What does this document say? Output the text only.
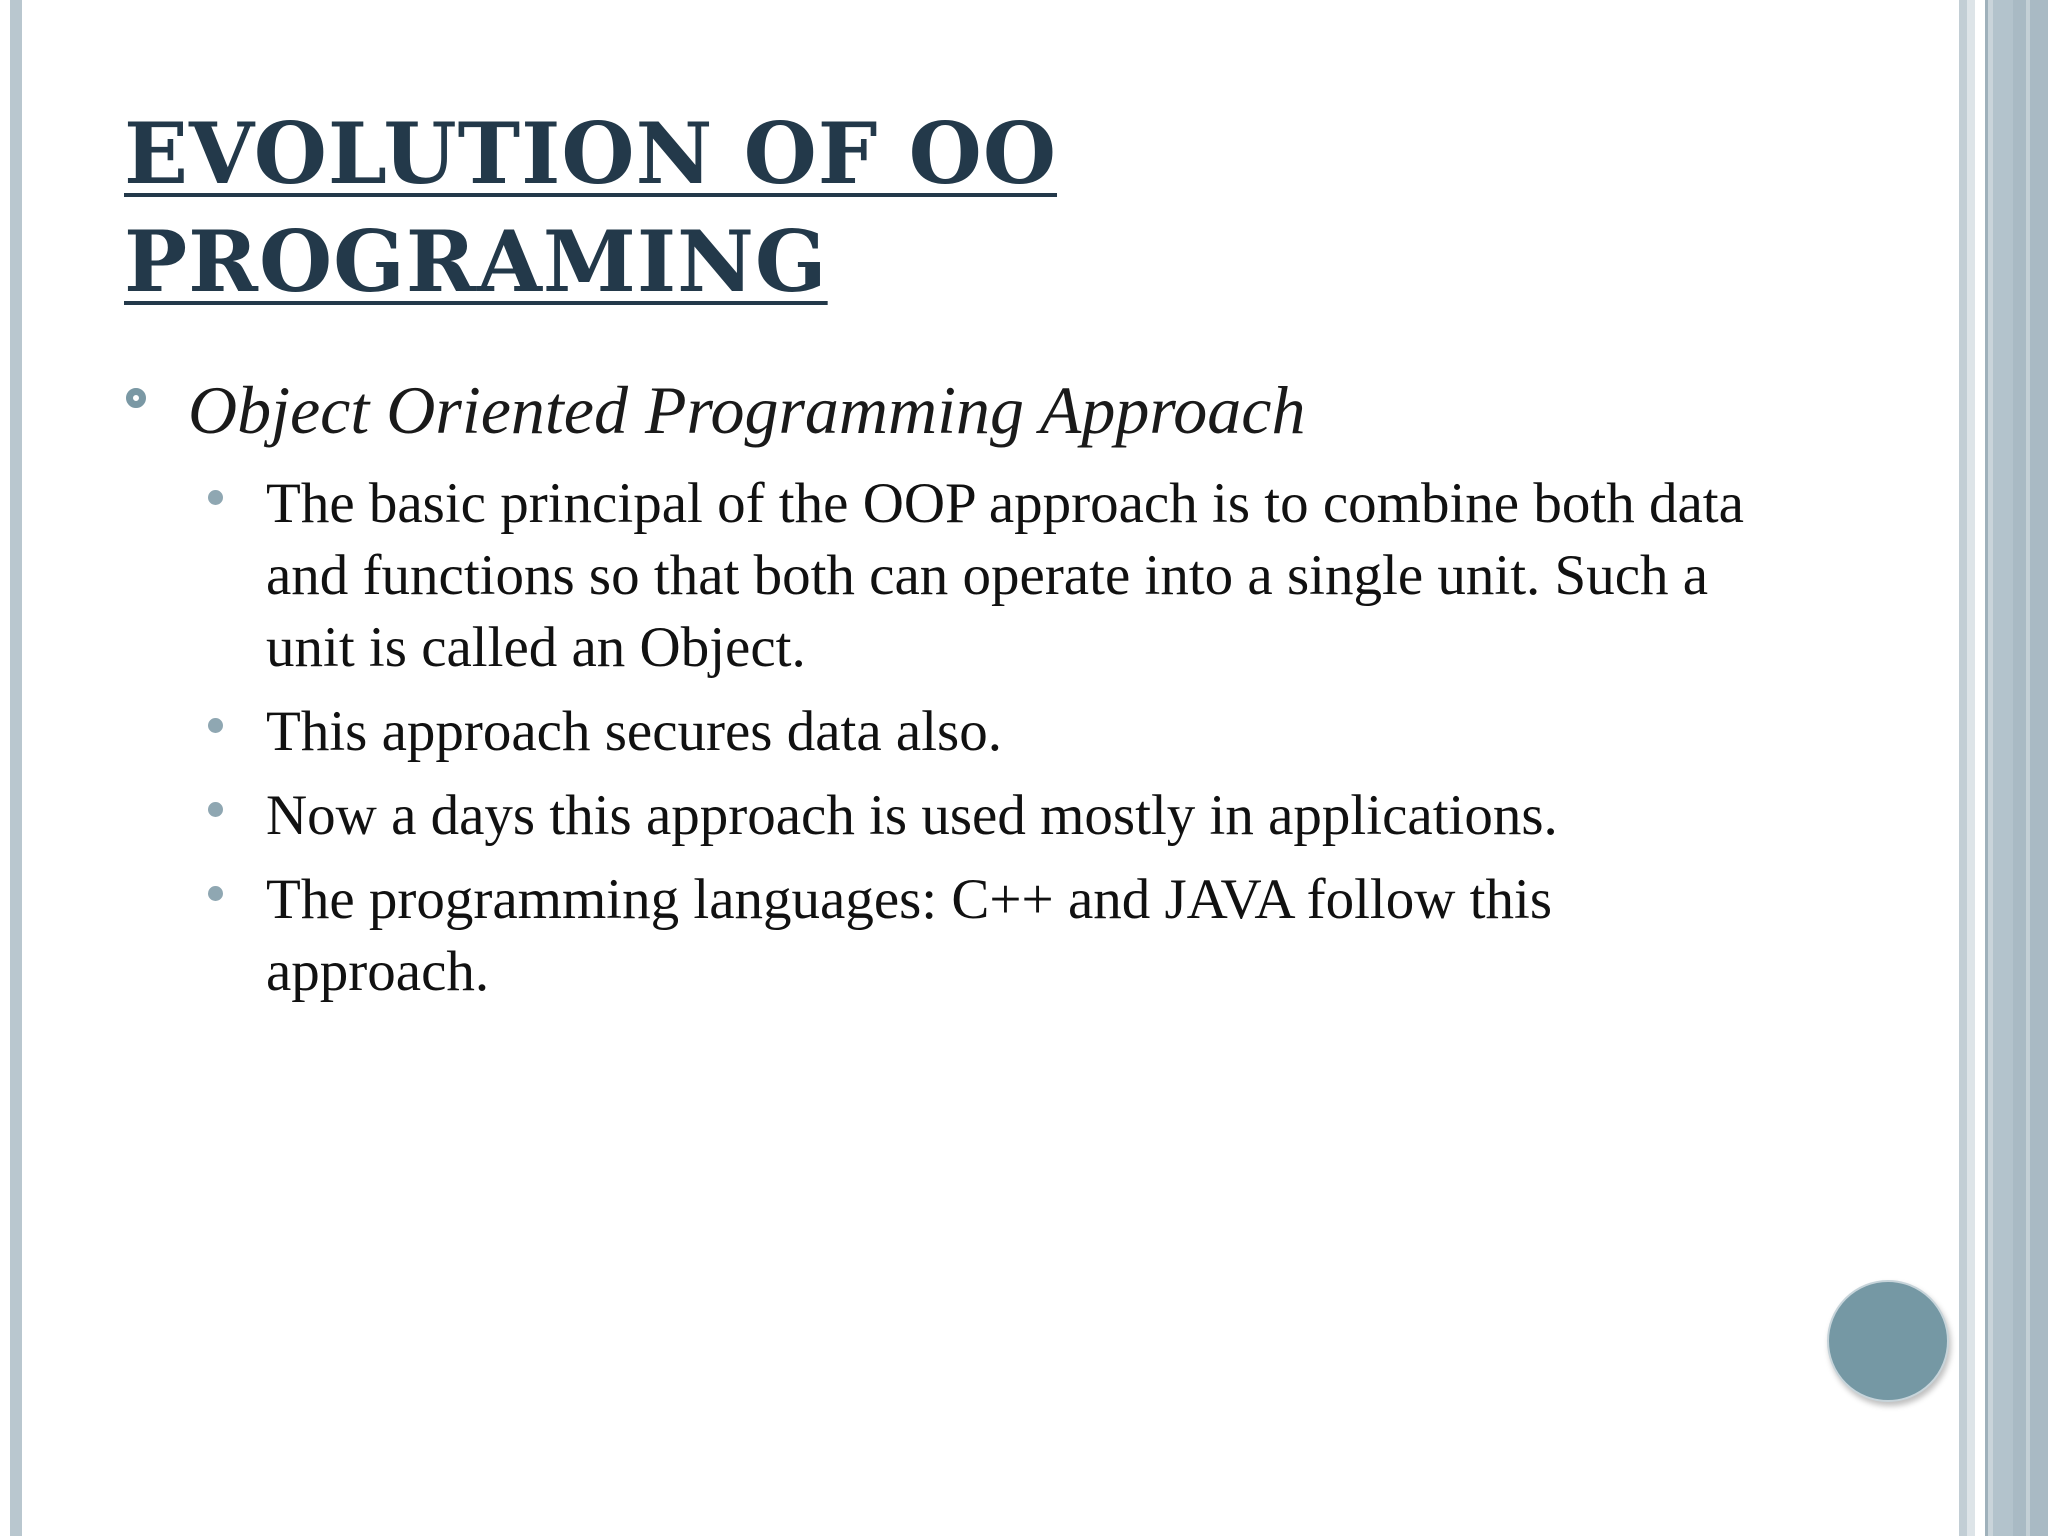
EVOLUTION OF OO
PROGRAMING
Object Oriented Programming Approach
The basic principal of the OOP approach is to combine both data and functions so that both can operate into a single unit. Such a unit is called an Object.
This approach secures data also.
Now a days this approach is used mostly in applications.
The programming languages: C++ and JAVA follow this approach.
